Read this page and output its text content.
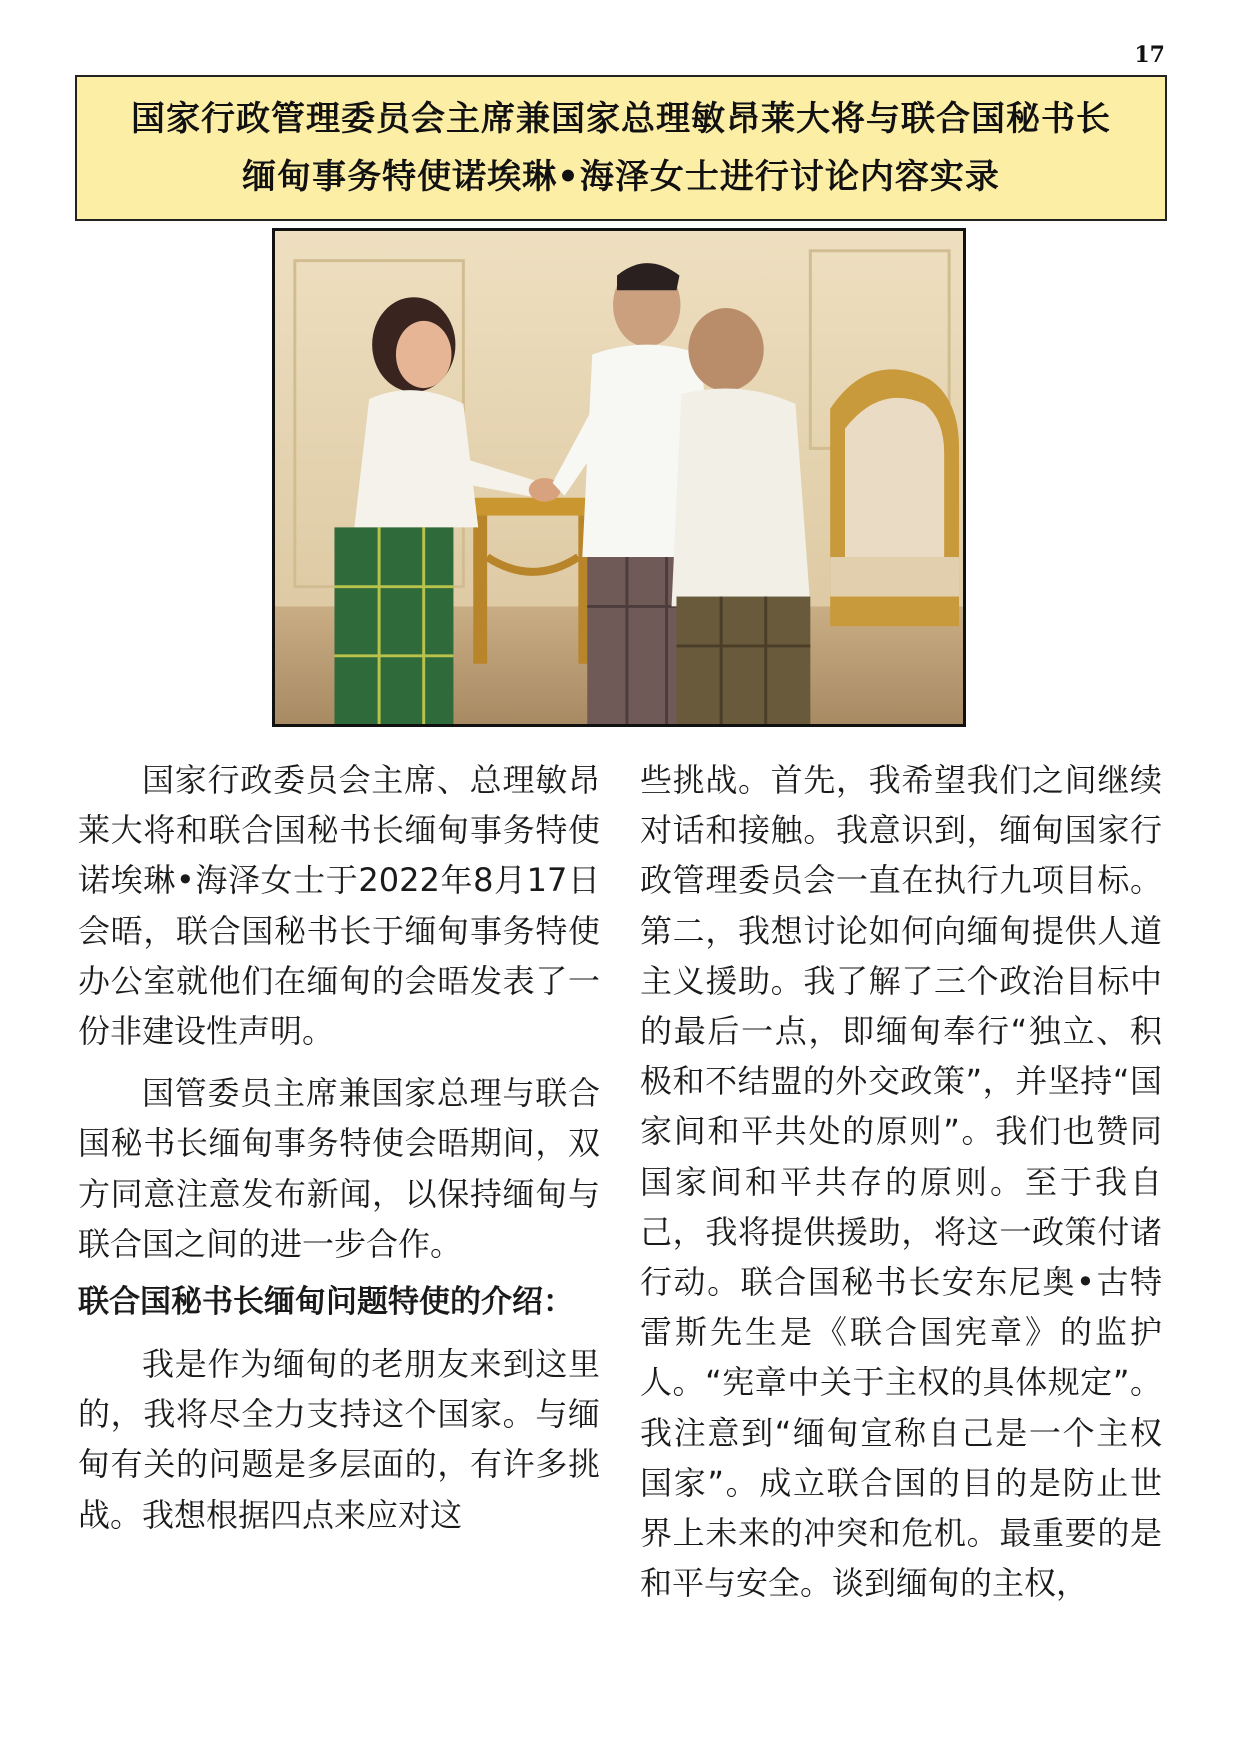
17
国家行政管理委员会主席兼国家总理敏昂莱大将与联合国秘书长
缅甸事务特使诺埃琳•海泽女士进行讨论内容实录

国家行政委员会主席、总理敏昂莱大将和联合国秘书长缅甸事务特使诺埃琳•海泽女士于2022年8月17日会晤，联合国秘书长于缅甸事务特使办公室就他们在缅甸的会晤发表了一份非建设性声明。

国管委员主席兼国家总理与联合国秘书长缅甸事务特使会晤期间，双方同意注意发布新闻，以保持缅甸与联合国之间的进一步合作。

联合国秘书长缅甸问题特使的介绍：

我是作为缅甸的老朋友来到这里的，我将尽全力支持这个国家。与缅甸有关的问题是多层面的，有许多挑战。我想根据四点来应对这

些挑战。首先，我希望我们之间继续对话和接触。我意识到，缅甸国家行政管理委员会一直在执行九项目标。第二，我想讨论如何向缅甸提供人道主义援助。我了解了三个政治目标中的最后一点，即缅甸奉行“独立、积极和不结盟的外交政策”，并坚持“国家间和平共处的原则”。我们也赞同国家间和平共存的原则。至于我自己，我将提供援助，将这一政策付诸行动。联合国秘书长安东尼奥•古特雷斯先生是《联合国宪章》的监护人。“宪章中关于主权的具体规定”。我注意到“缅甸宣称自己是一个主权国家”。成立联合国的目的是防止世界上未来的冲突和危机。最重要的是和平与安全。谈到缅甸的主权，
